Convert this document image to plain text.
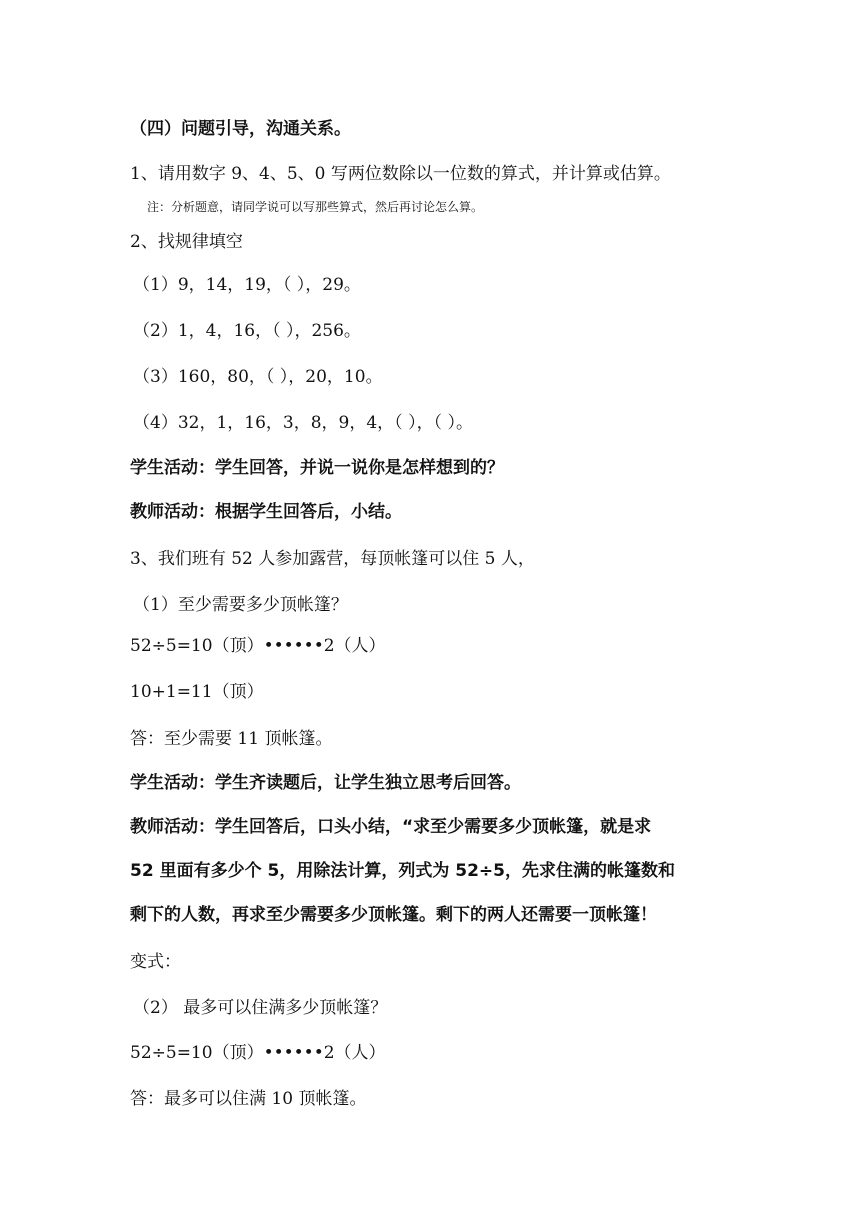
（四）问题引导，沟通关系。
1、请用数字 9、4、5、0 写两位数除以一位数的算式，并计算或估算。
注：分析题意，请同学说可以写那些算式，然后再讨论怎么算。
2、找规律填空
（1）9，14，19，（ ），29。
（2）1，4，16，（ ），256。
（3）160，80，（ ），20，10。
（4）32，1，16，3，8，9，4，（ ），（ ）。
学生活动：学生回答，并说一说你是怎样想到的？
教师活动：根据学生回答后，小结。
3、我们班有 52 人参加露营，每顶帐篷可以住 5 人，
（1）至少需要多少顶帐篷？
52÷5=10（顶）••••••2（人）
10+1=11（顶）
答：至少需要 11 顶帐篷。
学生活动：学生齐读题后，让学生独立思考后回答。
教师活动：学生回答后，口头小结，“求至少需要多少顶帐篷，就是求
52 里面有多少个 5，用除法计算，列式为 52÷5，先求住满的帐篷数和
剩下的人数，再求至少需要多少顶帐篷。剩下的两人还需要一顶帐篷！
变式：
（2） 最多可以住满多少顶帐篷？
52÷5=10（顶）••••••2（人）
答：最多可以住满 10 顶帐篷。
